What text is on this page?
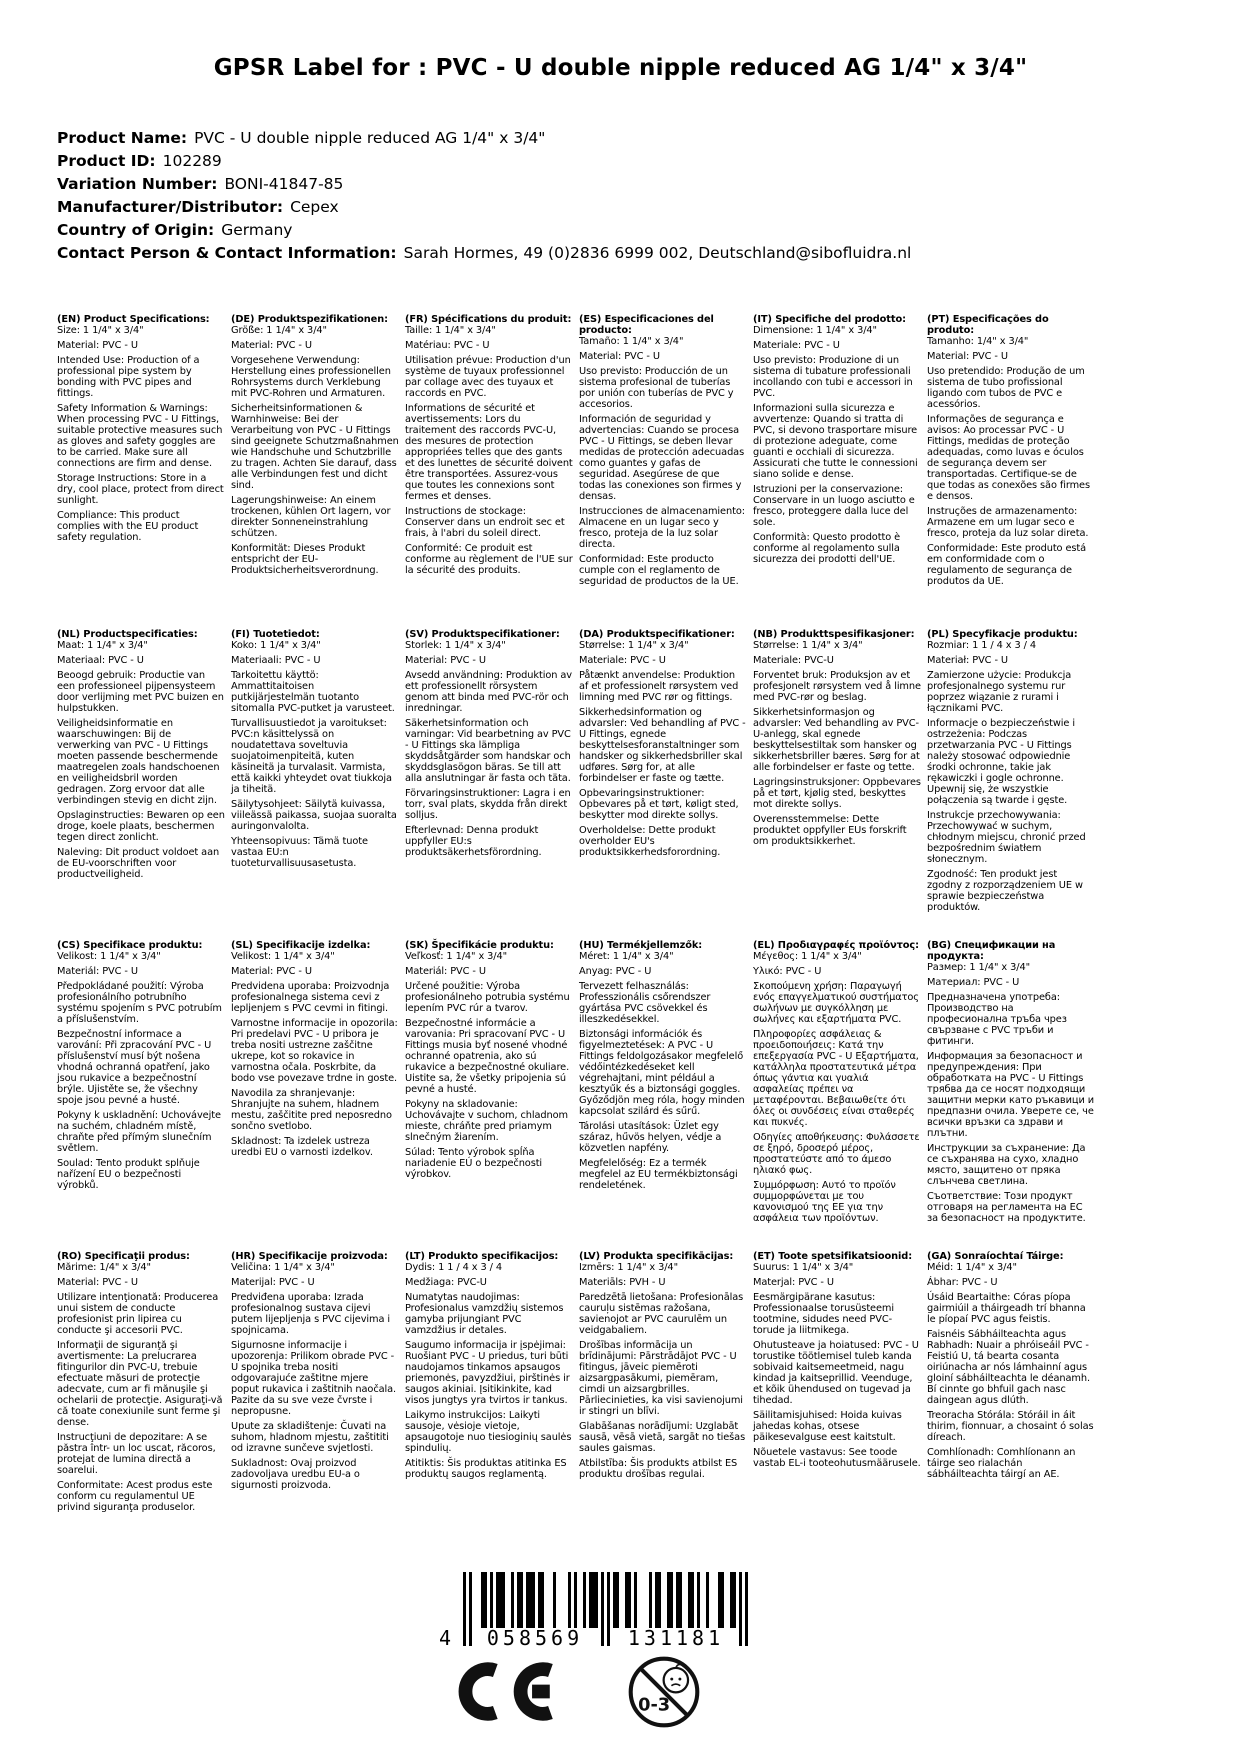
GPSR Label for : PVC - U double nipple reduced AG 1/4" x 3/4"
Product Name: PVC - U double nipple reduced AG 1/4" x 3/4"
Product ID: 102289
Variation Number: BONI-41847-85
Manufacturer/Distributor: Cepex
Country of Origin: Germany
Contact Person & Contact Information: Sarah Hormes, 49 (0)2836 6999 002, Deutschland@sibofluidra.nl
(EN) Product Specifications:
Size: 1 1/4" x 3/4"
Material: PVC - U
Intended Use: Production of a professional pipe system by bonding with PVC pipes and fittings.
Safety Information & Warnings: When processing PVC - U Fittings, suitable protective measures such as gloves and safety goggles are to be carried. Make sure all connections are firm and dense.
Storage Instructions: Store in a dry, cool place, protect from direct sunlight.
Compliance: This product complies with the EU product safety regulation.
(DE) Produktspezifikationen:
Größe: 1 1/4" x 3/4"
Material: PVC - U
Vorgesehene Verwendung: Herstellung eines professionellen Rohrsystems durch Verklebung mit PVC-Rohren und Armaturen.
Sicherheitsinformationen & Warnhinweise: Bei der Verarbeitung von PVC - U Fittings sind geeignete Schutzmaßnahmen wie Handschuhe und Schutzbrille zu tragen. Achten Sie darauf, dass alle Verbindungen fest und dicht sind.
Lagerungshinweise: An einem trockenen, kühlen Ort lagern, vor direkter Sonneneinstrahlung schützen.
Konformität: Dieses Produkt entspricht der EU-Produktsicherheitsverordnung.
(FR) Spécifications du produit:
Taille: 1 1/4" x 3/4"
Matériau: PVC - U
Utilisation prévue: Production d'un système de tuyaux professionnel par collage avec des tuyaux et raccords en PVC.
Informations de sécurité et avertissements: Lors du traitement des raccords PVC-U, des mesures de protection appropriées telles que des gants et des lunettes de sécurité doivent être transportées. Assurez-vous que toutes les connexions sont fermes et denses.
Instructions de stockage: Conserver dans un endroit sec et frais, à l'abri du soleil direct.
Conformité: Ce produit est conforme au règlement de l'UE sur la sécurité des produits.
(ES) Especificaciones del producto:
Tamaño: 1 1/4" x 3/4"
Material: PVC - U
Uso previsto: Producción de un sistema profesional de tuberías por unión con tuberías de PVC y accesorios.
Información de seguridad y advertencias: Cuando se procesa PVC - U Fittings, se deben llevar medidas de protección adecuadas como guantes y gafas de seguridad. Asegúrese de que todas las conexiones son firmes y densas.
Instrucciones de almacenamiento: Almacene en un lugar seco y fresco, proteja de la luz solar directa.
Conformidad: Este producto cumple con el reglamento de seguridad de productos de la UE.
(IT) Specifiche del prodotto:
Dimensione: 1 1/4" x 3/4"
Materiale: PVC - U
Uso previsto: Produzione di un sistema di tubature professionali incollando con tubi e accessori in PVC.
Informazioni sulla sicurezza e avvertenze: Quando si tratta di PVC, si devono trasportare misure di protezione adeguate, come guanti e occhiali di sicurezza. Assicurati che tutte le connessioni siano solide e dense.
Istruzioni per la conservazione: Conservare in un luogo asciutto e fresco, proteggere dalla luce del sole.
Conformità: Questo prodotto è conforme al regolamento sulla sicurezza dei prodotti dell'UE.
(PT) Especificações do produto:
Tamanho: 1/4" x 3/4"
Material: PVC - U
Uso pretendido: Produção de um sistema de tubo profissional ligando com tubos de PVC e acessórios.
Informações de segurança e avisos: Ao processar PVC - U Fittings, medidas de proteção adequadas, como luvas e óculos de segurança devem ser transportadas. Certifique-se de que todas as conexões são firmes e densos.
Instruções de armazenamento: Armazene em um lugar seco e fresco, proteja da luz solar direta.
Conformidade: Este produto está em conformidade com o regulamento de segurança de produtos da UE.
(NL) Productspecificaties:
Maat: 1 1/4" x 3/4"
Materiaal: PVC - U
Beoogd gebruik: Productie van een professioneel pijpensysteem door verlijming met PVC buizen en hulpstukken.
Veiligheidsinformatie en waarschuwingen: Bij de verwerking van PVC - U Fittings moeten passende beschermende maatregelen zoals handschoenen en veiligheidsbril worden gedragen. Zorg ervoor dat alle verbindingen stevig en dicht zijn.
Opslaginstructies: Bewaren op een droge, koele plaats, beschermen tegen direct zonlicht.
Naleving: Dit product voldoet aan de EU-voorschriften voor productveiligheid.
(FI) Tuotetiedot:
Koko: 1 1/4" x 3/4"
Materiaali: PVC - U
Tarkoitettu käyttö: Ammattitaitoisen putkijärjestelmän tuotanto sitomalla PVC-putket ja varusteet.
Turvallisuustiedot ja varoitukset: PVC:n käsittelyssä on noudatettava soveltuvia suojatoimenpiteitä, kuten käsineitä ja turvalasit. Varmista, että kaikki yhteydet ovat tiukkoja ja tiheitä.
Säilytysohjeet: Säilytä kuivassa, viileässä paikassa, suojaa suoralta auringonvalolta.
Yhteensopivuus: Tämä tuote vastaa EU:n tuoteturvallisuusasetusta.
(SV) Produktspecifikationer:
Storlek: 1 1/4" x 3/4"
Material: PVC - U
Avsedd användning: Produktion av ett professionellt rörsystem genom att binda med PVC-rör och inredningar.
Säkerhetsinformation och varningar: Vid bearbetning av PVC - U Fittings ska lämpliga skyddsåtgärder som handskar och skyddsglasögon bäras. Se till att alla anslutningar är fasta och täta.
Förvaringsinstruktioner: Lagra i en torr, sval plats, skydda från direkt solljus.
Efterlevnad: Denna produkt uppfyller EU:s produktsäkerhetsförordning.
(DA) Produktspecifikationer:
Størrelse: 1 1/4" x 3/4"
Materiale: PVC - U
Påtænkt anvendelse: Produktion af et professionelt rørsystem ved limning med PVC rør og fittings.
Sikkerhedsinformation og advarsler: Ved behandling af PVC - U Fittings, egnede beskyttelsesforanstaltninger som handsker og sikkerhedsbriller skal udføres. Sørg for, at alle forbindelser er faste og tætte.
Opbevaringsinstruktioner: Opbevares på et tørt, køligt sted, beskytter mod direkte sollys.
Overholdelse: Dette produkt overholder EU's produktsikkerhedsforordning.
(NB) Produkttspesifikasjoner:
Størrelse: 1 1/4" x 3/4"
Materiale: PVC-U
Forventet bruk: Produksjon av et profesjonelt rørsystem ved å limne med PVC-rør og beslag.
Sikkerhetsinformasjon og advarsler: Ved behandling av PVC-U-anlegg, skal egnede beskyttelsestiltak som hansker og sikkerhetsbriller bæres. Sørg for at alle forbindelser er faste og tette.
Lagringsinstruksjoner: Oppbevares på et tørt, kjølig sted, beskyttes mot direkte sollys.
Overensstemmelse: Dette produktet oppfyller EUs forskrift om produktsikkerhet.
(PL) Specyfikacje produktu:
Rozmiar: 1 1 / 4 x 3 / 4
Materiał: PVC - U
Zamierzone użycie: Produkcja profesjonalnego systemu rur poprzez wiązanie z rurami i łącznikami PVC.
Informacje o bezpieczeństwie i ostrzeżenia: Podczas przetwarzania PVC - U Fittings należy stosować odpowiednie środki ochronne, takie jak rękawiczki i gogle ochronne. Upewnij się, że wszystkie połączenia są twarde i gęste.
Instrukcje przechowywania: Przechowywać w suchym, chłodnym miejscu, chronić przed bezpośrednim światłem słonecznym.
Zgodność: Ten produkt jest zgodny z rozporządzeniem UE w sprawie bezpieczeństwa produktów.
(CS) Specifikace produktu:
Velikost: 1 1/4" x 3/4"
Materiál: PVC - U
Předpokládané použití: Výroba profesionálního potrubního systému spojením s PVC potrubím a příslušenstvím.
Bezpečnostní informace a varování: Při zpracování PVC - U příslušenství musí být nošena vhodná ochranná opatření, jako jsou rukavice a bezpečnostní brýle. Ujistěte se, že všechny spoje jsou pevné a husté.
Pokyny k uskladnění: Uchovávejte na suchém, chladném místě, chraňte před přímým slunečním světlem.
Soulad: Tento produkt splňuje nařízení EU o bezpečnosti výrobků.
(SL) Specifikacije izdelka:
Velikost: 1 1/4" x 3/4"
Material: PVC - U
Predvidena uporaba: Proizvodnja profesionalnega sistema cevi z lepljenjem s PVC cevmi in fitingi.
Varnostne informacije in opozorila: Pri predelavi PVC - U pribora je treba nositi ustrezne zaščitne ukrepe, kot so rokavice in varnostna očala. Poskrbite, da bodo vse povezave trdne in goste.
Navodila za shranjevanje: Shranjujte na suhem, hladnem mestu, zaščitite pred neposredno sončno svetlobo.
Skladnost: Ta izdelek ustreza uredbi EU o varnosti izdelkov.
(SK) Špecifikácie produktu:
Veľkosť: 1 1/4" x 3/4"
Materiál: PVC - U
Určené použitie: Výroba profesionálneho potrubia systému lepením PVC rúr a tvarov.
Bezpečnostné informácie a varovania: Pri spracovaní PVC - U Fittings musia byť nosené vhodné ochranné opatrenia, ako sú rukavice a bezpečnostné okuliare. Uistite sa, že všetky pripojenia sú pevné a husté.
Pokyny na skladovanie: Uchovávajte v suchom, chladnom mieste, chráňte pred priamym slnečným žiarením.
Súlad: Tento výrobok spĺňa nariadenie EÚ o bezpečnosti výrobkov.
(HU) Termékjellemzők:
Méret: 1 1/4" x 3/4"
Anyag: PVC - U
Tervezett felhasználás: Professzionális csőrendszer gyártása PVC csövekkel és illeszkedésekkel.
Biztonsági információk és figyelmeztetések: A PVC - U Fittings feldolgozásakor megfelelő védőintézkedéseket kell végrehajtani, mint például a kesztyűk és a biztonsági goggles. Győződjön meg róla, hogy minden kapcsolat szilárd és sűrű.
Tárolási utasítások: Üzlet egy száraz, hűvös helyen, védje a közvetlen napfény.
Megfelelőség: Ez a termék megfelel az EU termékbiztonsági rendeletének.
(EL) Προδιαγραφές προϊόντος:
Μέγεθος: 1 1/4" x 3/4"
Υλικό: PVC - U
Σκοπούμενη χρήση: Παραγωγή ενός επαγγελματικού συστήματος σωλήνων με συγκόλληση με σωλήνες και εξαρτήματα PVC.
Πληροφορίες ασφάλειας & προειδοποιήσεις: Κατά την επεξεργασία PVC - U Εξαρτήματα, κατάλληλα προστατευτικά μέτρα όπως γάντια και γυαλιά ασφαλείας πρέπει να μεταφέρονται. Βεβαιωθείτε ότι όλες οι συνδέσεις είναι σταθερές και πυκνές.
Οδηγίες αποθήκευσης: Φυλάσσετε σε ξηρό, δροσερό μέρος, προστατεύστε από το άμεσο ηλιακό φως.
Συμμόρφωση: Αυτό το προϊόν συμμορφώνεται με του κανονισμού της ΕΕ για την ασφάλεια των προϊόντων.
(BG) Спецификации на продукта:
Размер: 1 1/4" x 3/4"
Материал: PVC - U
Предназначена употреба: Производство на професионална тръба чрез свързване с PVC тръби и фитинги.
Информация за безопасност и предупреждения: При обработката на PVC - U Fittings трябва да се носят подходящи защитни мерки като ръкавици и предпазни очила. Уверете се, че всички връзки са здрави и плътни.
Инструкции за съхранение: Да се съхранява на сухо, хладно място, защитено от пряка слънчева светлина.
Съответствие: Този продукт отговаря на регламента на ЕС за безопасност на продуктите.
(RO) Specificaţii produs:
Mărime: 1/4" x 3/4"
Material: PVC - U
Utilizare intenţionată: Producerea unui sistem de conducte profesionist prin lipirea cu conducte şi accesorii PVC.
Informaţii de siguranţă şi avertismente: La prelucrarea fitingurilor din PVC-U, trebuie efectuate măsuri de protecţie adecvate, cum ar fi mănuşile şi ochelarii de protecţie. Asiguraţi-vă că toate conexiunile sunt ferme şi dense.
Instrucţiuni de depozitare: A se păstra într- un loc uscat, răcoros, protejat de lumina directă a soarelui.
Conformitate: Acest produs este conform cu regulamentul UE privind siguranţa produselor.
(HR) Specifikacije proizvoda:
Veličina: 1 1/4" x 3/4"
Materijal: PVC - U
Predviđena uporaba: Izrada profesionalnog sustava cijevi putem lijepljenja s PVC cijevima i spojnicama.
Sigurnosne informacije i upozorenja: Prilikom obrade PVC - U spojnika treba nositi odgovarajuće zaštitne mjere poput rukavica i zaštitnih naočala. Pazite da su sve veze čvrste i nepropusne.
Upute za skladištenje: Čuvati na suhom, hladnom mjestu, zaštititi od izravne sunčeve svjetlosti.
Sukladnost: Ovaj proizvod zadovoljava uredbu EU-a o sigurnosti proizvoda.
(LT) Produkto specifikacijos:
Dydis: 1 1 / 4 x 3 / 4
Medžiaga: PVC-U
Numatytas naudojimas: Profesionalus vamzdžių sistemos gamyba prijungiant PVC vamzdžius ir detales.
Saugumo informacija ir įspėjimai: Ruošiant PVC - U priedus, turi būti naudojamos tinkamos apsaugos priemonės, pavyzdžiui, pirštinės ir saugos akiniai. Įsitikinkite, kad visos jungtys yra tvirtos ir tankus.
Laikymo instrukcijos: Laikyti sausoje, vėsioje vietoje, apsaugotoje nuo tiesioginių saulės spindulių.
Atitiktis: Šis produktas atitinka ES produktų saugos reglamentą.
(LV) Produkta specifikācijas:
Izmērs: 1 1/4" x 3/4"
Materiāls: PVH - U
Paredzētā lietošana: Profesionālas cauruļu sistēmas ražošana, savienojot ar PVC caurulēm un veidgabaliem.
Drošības informācija un brīdinājumi: Pārstrādājot PVC - U fitingus, jāveic piemēroti aizsargpasākumi, piemēram, cimdi un aizsargbrilles. Pārliecinieties, ka visi savienojumi ir stingri un blīvi.
Glabāšanas norādījumi: Uzglabāt sausā, vēsā vietā, sargāt no tiešas saules gaismas.
Atbilstība: Šis produkts atbilst ES produktu drošības regulai.
(ET) Toote spetsifikatsioonid:
Suurus: 1 1/4" x 3/4"
Materjal: PVC - U
Eesmärgipärane kasutus: Professionaalse torusüsteemi tootmine, sidudes need PVC-torude ja liitmikega.
Ohutusteave ja hoiatused: PVC - U torustike töötlemisel tuleb kanda sobivaid kaitsemeetmeid, nagu kindad ja kaitseprillid. Veenduge, et kõik ühendused on tugevad ja tihedad.
Säilitamisjuhised: Hoida kuivas jahedas kohas, otsese päikesevalguse eest kaitstult.
Nõuetele vastavus: See toode vastab EL-i tooteohutusmäärusele.
(GA) Sonraíochtaí Táirge:
Méid: 1 1/4" x 3/4"
Ábhar: PVC - U
Úsáid Beartaithe: Córas píopa gairmiúil a tháirgeadh trí bhanna le píopaí PVC agus feistis.
Faisnéis Sábháilteachta agus Rabhadh: Nuair a phróiseáil PVC - Feistiú U, tá bearta cosanta oiriúnacha ar nós lámhainní agus gloiní sábháilteachta le déanamh. Bí cinnte go bhfuil gach nasc daingean agus dlúth.
Treoracha Stórála: Stóráil in áit thirim, fionnuar, a chosaint ó solas díreach.
Comhlíonadh: Comhlíonann an táirge seo rialachán sábháilteachta táirgí an AE.
4	058569	131181
0-3
